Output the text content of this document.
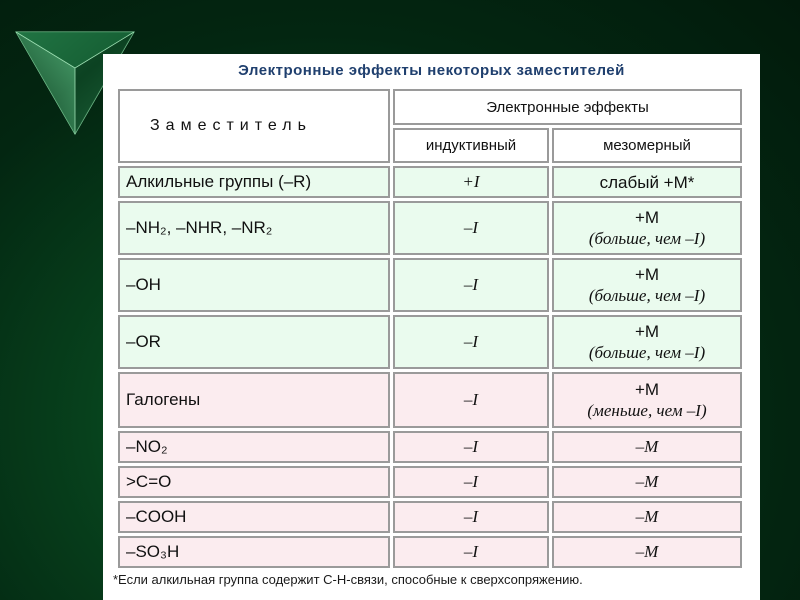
Электронные эффекты некоторых заместителей
Заместитель	Электронные эффекты	
	индуктивный	мезомерный
Алкильные группы (–R)	+I	слабый +M*
–NH₂, –NHR, –NR₂	–I	+M
(больше, чем –I)

–OH	–I	+M
(больше, чем –I)

–OR	–I	+M
(больше, чем –I)

Галогены	–I	+M
(меньше, чем –I)

–NO₂	–I	–M
>C=O	–I	–M
–COOH	–I	–M
–SO₃H	–I	–M
*Если алкильная группа содержит С-Н-связи, способные к сверхсопряжению.
